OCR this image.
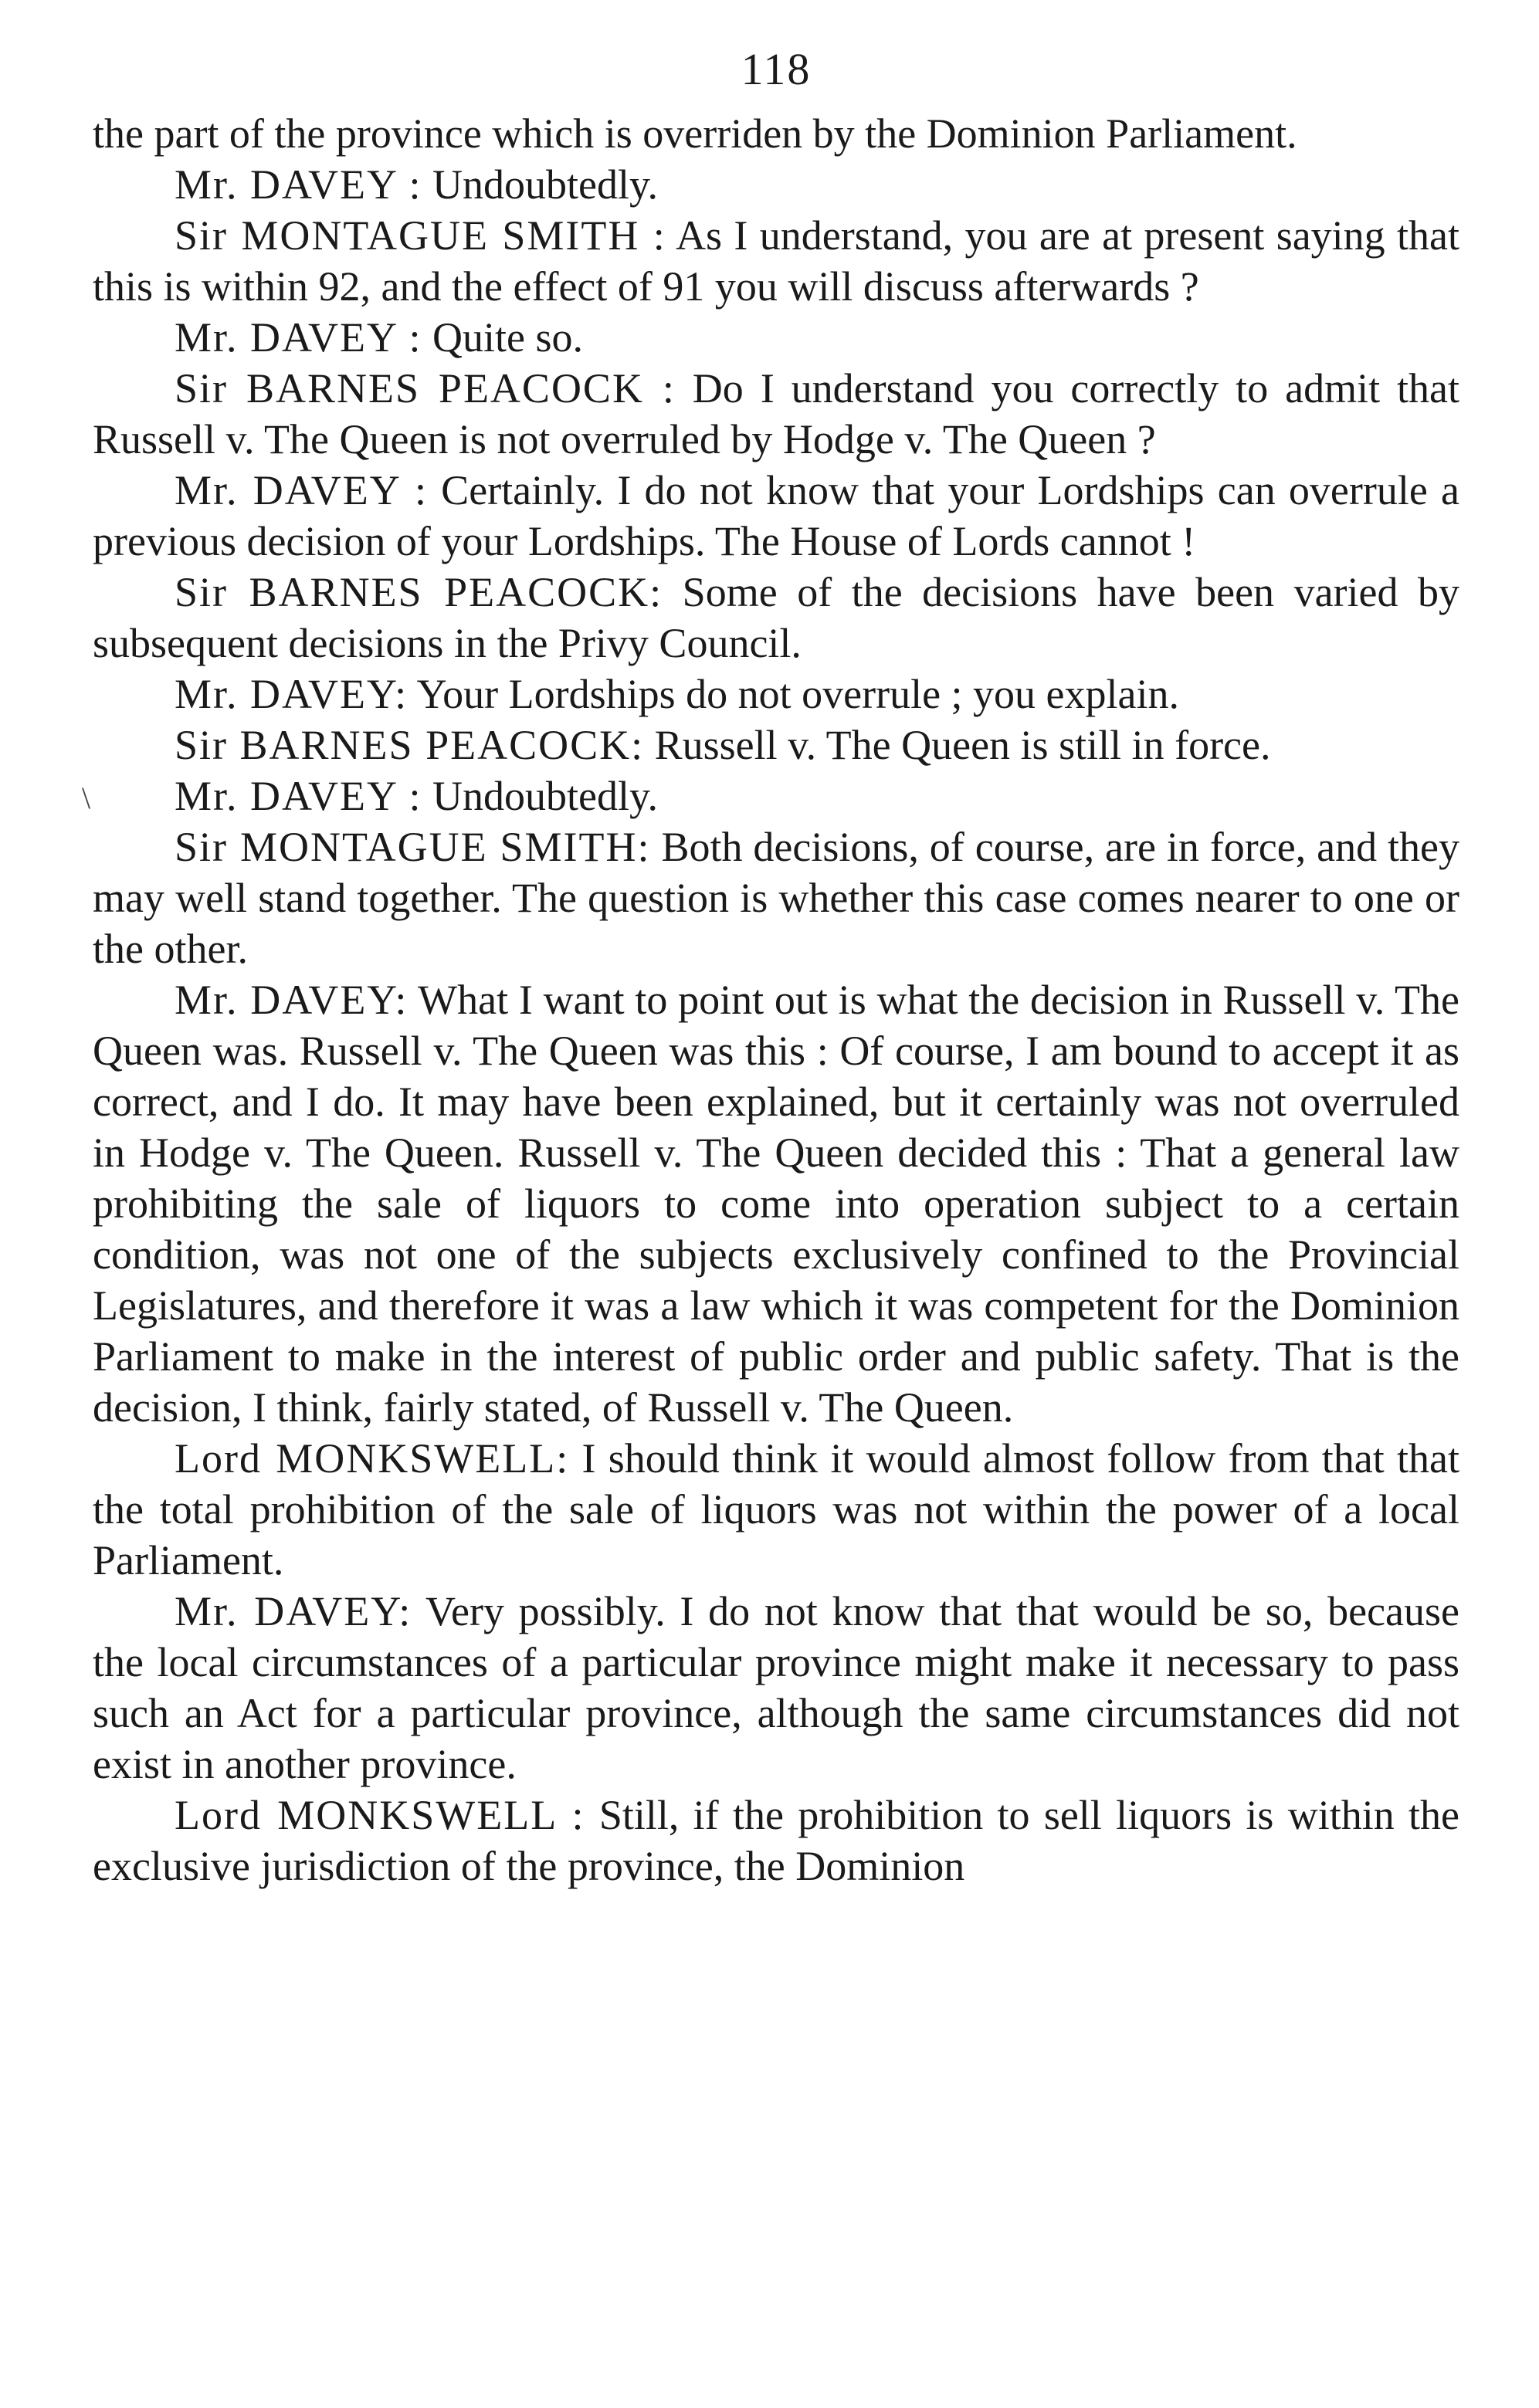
118

the part of the province which is overriden by the Dominion Parliament.

Mr. DAVEY : Undoubtedly.

Sir MONTAGUE SMITH : As I understand, you are at present saying that this is within 92, and the effect of 91 you will discuss afterwards ?

Mr. DAVEY : Quite so.

Sir BARNES PEACOCK : Do I understand you correctly to admit that Russell v. The Queen is not overruled by Hodge v. The Queen ?

Mr. DAVEY : Certainly. I do not know that your Lordships can overrule a previous decision of your Lordships. The House of Lords cannot !

Sir BARNES PEACOCK: Some of the decisions have been varied by subsequent decisions in the Privy Council.

Mr. DAVEY: Your Lordships do not overrule ; you explain.

Sir BARNES PEACOCK: Russell v. The Queen is still in force.

Mr. DAVEY : Undoubtedly.

Sir MONTAGUE SMITH: Both decisions, of course, are in force, and they may well stand together. The question is whether this case comes nearer to one or the other.

Mr. DAVEY: What I want to point out is what the decision in Russell v. The Queen was. Russell v. The Queen was this : Of course, I am bound to accept it as correct, and I do. It may have been explained, but it certainly was not overruled in Hodge v. The Queen. Russell v. The Queen decided this : That a general law prohibiting the sale of liquors to come into operation subject to a certain condition, was not one of the subjects exclusively confined to the Provincial Legislatures, and therefore it was a law which it was competent for the Dominion Parliament to make in the interest of public order and public safety. That is the decision, I think, fairly stated, of Russell v. The Queen.

Lord MONKSWELL: I should think it would almost follow from that that the total prohibition of the sale of liquors was not within the power of a local Parliament.

Mr. DAVEY: Very possibly. I do not know that that would be so, because the local circumstances of a particular province might make it necessary to pass such an Act for a particular province, although the same circumstances did not exist in another province.

Lord MONKSWELL : Still, if the prohibition to sell liquors is within the exclusive jurisdiction of the province, the Dominion

\
